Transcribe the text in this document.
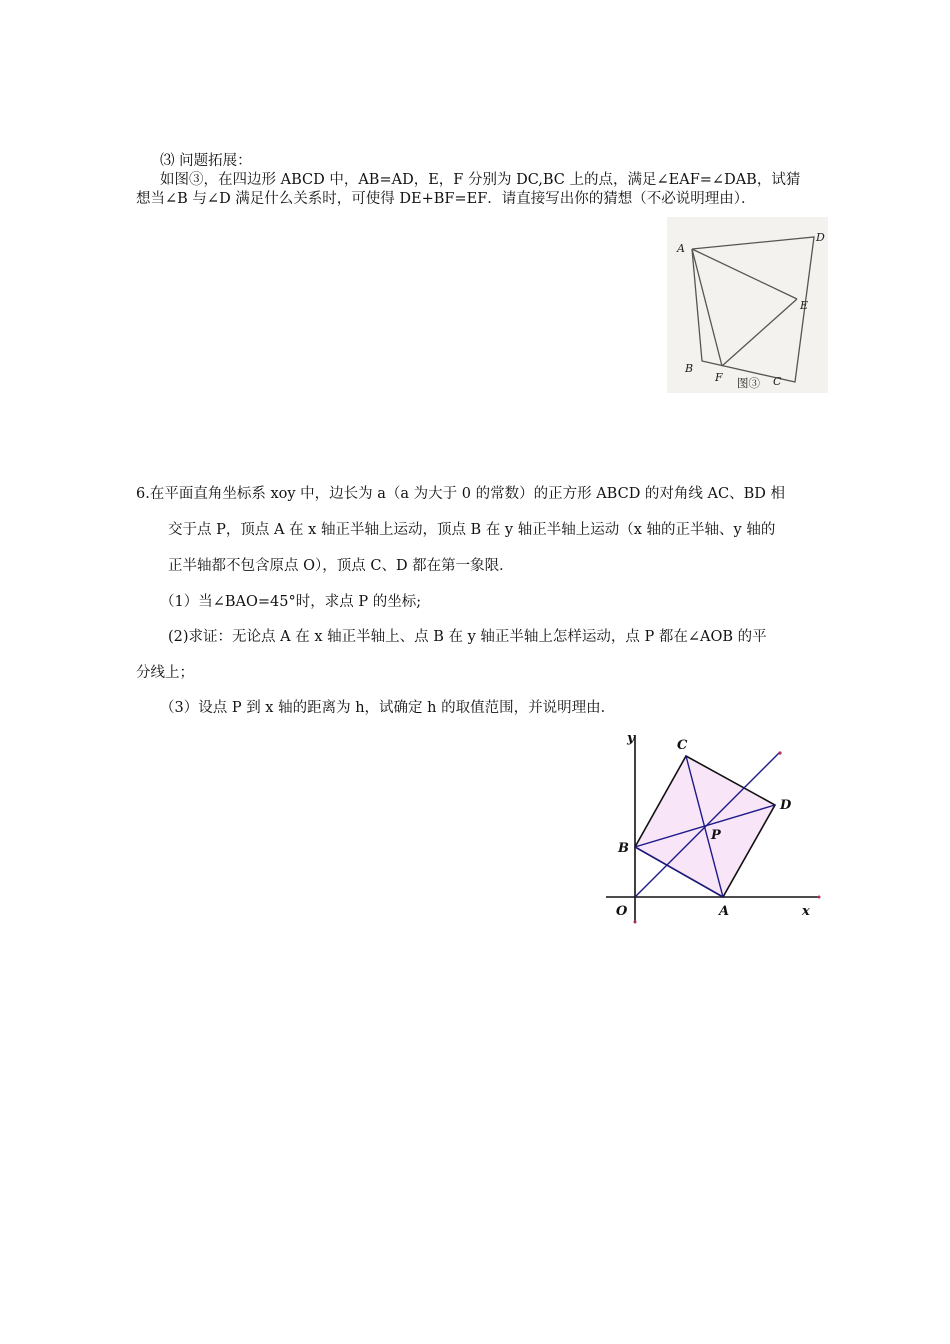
⑶ 问题拓展：
如图③，在四边形 ABCD 中，AB=AD，E，F 分别为 DC,BC 上的点，满足∠EAF=∠DAB，试猜
想当∠B 与∠D 满足什么关系时，可使得 DE+BF=EF．请直接写出你的猜想（不必说明理由）．
A
D
E
B
F	C
图③
6.在平面直角坐标系 xoy 中，边长为 a（a 为大于 0 的常数）的正方形 ABCD 的对角线 AC、BD 相
交于点 P，顶点 A 在 x 轴正半轴上运动，顶点 B 在 y 轴正半轴上运动（x 轴的正半轴、y 轴的
正半轴都不包含原点 O），顶点 C、D 都在第一象限．
（1）当∠BAO=45°时，求点 P 的坐标;
(2)求证：无论点 A 在 x 轴正半轴上、点 B 在 y 轴正半轴上怎样运动，点 P 都在∠AOB 的平
分线上；
（3）设点 P 到 x 轴的距离为 h，试确定 h 的取值范围，并说明理由．
y
x
O	A
B
C
D
P
